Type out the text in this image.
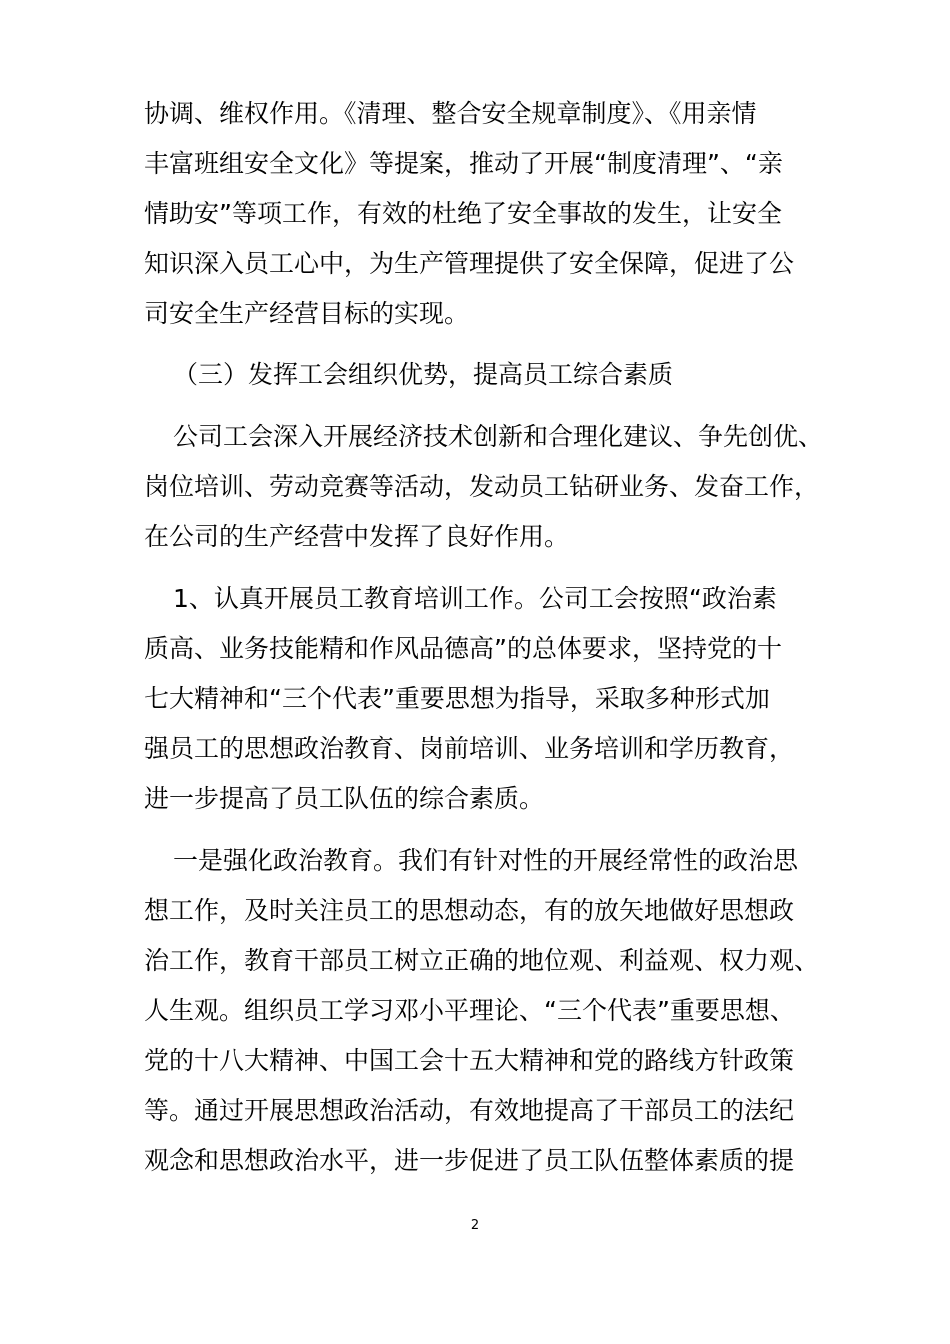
协调、维权作用。《清理、整合安全规章制度》、《用亲情
丰富班组安全文化》等提案，推动了开展“制度清理”、“亲
情助安”等项工作，有效的杜绝了安全事故的发生，让安全
知识深入员工心中，为生产管理提供了安全保障，促进了公
司安全生产经营目标的实现。
（三）发挥工会组织优势，提高员工综合素质
公司工会深入开展经济技术创新和合理化建议、争先创优、
岗位培训、劳动竞赛等活动，发动员工钻研业务、发奋工作，
在公司的生产经营中发挥了良好作用。
1、认真开展员工教育培训工作。公司工会按照“政治素
质高、业务技能精和作风品德高”的总体要求，坚持党的十
七大精神和“三个代表”重要思想为指导，采取多种形式加
强员工的思想政治教育、岗前培训、业务培训和学历教育，
进一步提高了员工队伍的综合素质。
一是强化政治教育。我们有针对性的开展经常性的政治思
想工作，及时关注员工的思想动态，有的放矢地做好思想政
治工作，教育干部员工树立正确的地位观、利益观、权力观、
人生观。组织员工学习邓小平理论、“三个代表”重要思想、
党的十八大精神、中国工会十五大精神和党的路线方针政策
等。通过开展思想政治活动，有效地提高了干部员工的法纪
观念和思想政治水平，进一步促进了员工队伍整体素质的提
2
